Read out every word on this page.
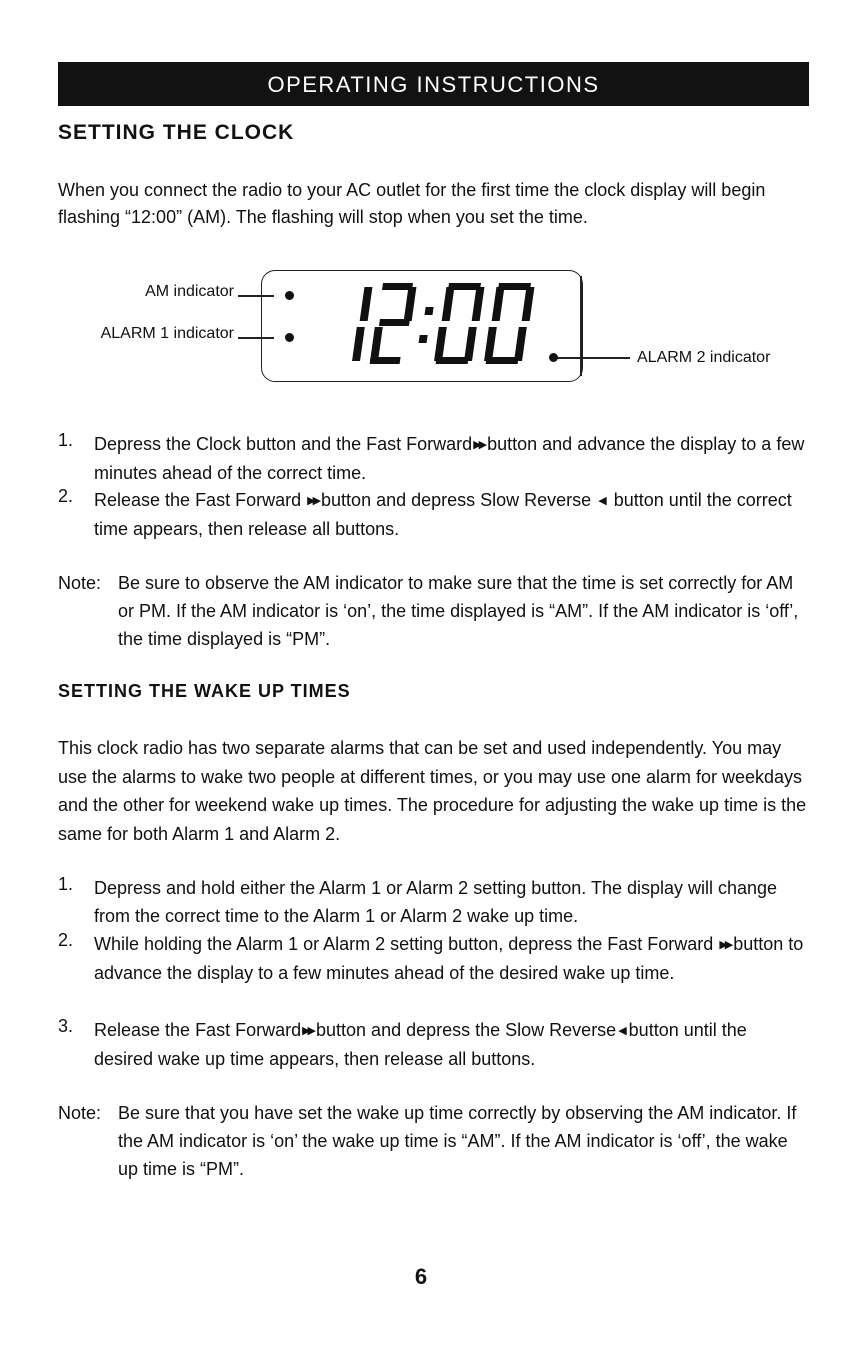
OPERATING INSTRUCTIONS
SETTING THE CLOCK
When you connect the radio to your AC outlet for the first time the clock display will begin flashing “12:00” (AM). The flashing will stop when you set the time.
AM indicator
ALARM 1 indicator
ALARM 2 indicator
12:00
1. Depress the Clock button and the Fast Forward▶▶ button and advance the display to a few minutes ahead of the correct time.
2. Release the Fast Forward ▶▶ button and depress Slow Reverse ◀ button until the correct time appears, then release all buttons.
Note: Be sure to observe the AM indicator to make sure that the time is set correctly for AM or PM. If the AM indicator is ‘on’, the time displayed is “AM”. If the AM indicator is ‘off’, the time displayed is “PM”.
SETTING THE WAKE UP TIMES
This clock radio has two separate alarms that can be set and used independently. You may use the alarms to wake two people at different times, or you may use one alarm for weekdays and the other for weekend wake up times. The procedure for adjusting the wake up time is the same for both Alarm 1 and Alarm 2.
1. Depress and hold either the Alarm 1 or Alarm 2 setting button. The display will change from the correct time to the Alarm 1 or Alarm 2 wake up time.
2. While holding the Alarm 1 or Alarm 2 setting button, depress the Fast Forward ▶▶ button to advance the display to a few minutes ahead of the desired wake up time.
3. Release the Fast Forward▶▶ button and depress the Slow Reverse ◀ button until the desired wake up time appears, then release all buttons.
Note: Be sure that you have set the wake up time correctly by observing the AM indicator. If the AM indicator is ‘on’ the wake up time is “AM”. If the AM indicator is ‘off’, the wake up time is “PM”.
6
